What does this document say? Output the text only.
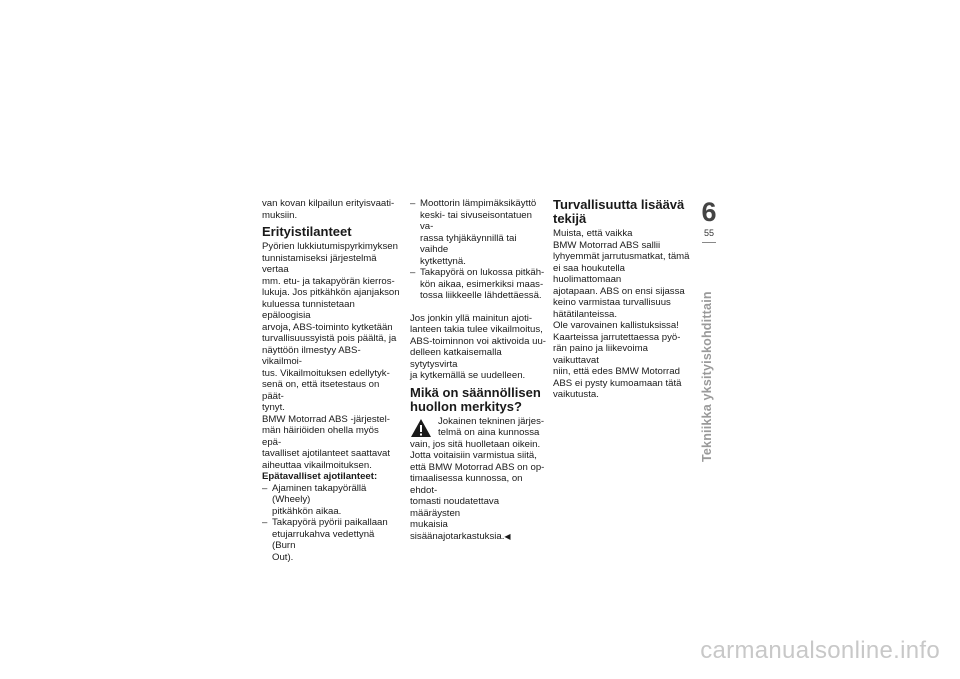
van kovan kilpailun erityisvaati-

muksiin.

Erityistilanteet

Pyörien lukkiutumispyrkimyksen

tunnistamiseksi järjestelmä vertaa

mm. etu- ja takapyörän kierros-

lukuja. Jos pitkähkön ajanjakson

kuluessa tunnistetaan epäloogisia

arvoja, ABS-toiminto kytketään

turvallisuussyistä pois päältä, ja

näyttöön ilmestyy ABS-vikailmoi-

tus. Vikailmoituksen edellytyk-

senä on, että itsetestaus on päät-

tynyt.

BMW Motorrad ABS -järjestel-

män häiriöiden ohella myös epä-

tavalliset ajotilanteet saattavat

aiheuttaa vikailmoituksen.

Epätavalliset ajotilanteet:

– Ajaminen takapyörällä (Wheely)

pitkähkön aikaa.

– Takapyörä pyörii paikallaan

etujarrukahva vedettynä (Burn

Out).

– Moottorin lämpimäksikäyttö

keski- tai sivuseisontatuen va-

rassa tyhjäkäynnillä tai vaihde

kytkettynä.

– Takapyörä on lukossa pitkäh-

kön aikaa, esimerkiksi maas-

tossa liikkeelle lähdettäessä.

Jos jonkin yllä mainitun ajoti-

lanteen takia tulee vikailmoitus,

ABS-toiminnon voi aktivoida uu-

delleen katkaisemalla sytytysvirta

ja kytkemällä se uudelleen.

Mikä on säännöllisen
huollon merkitys?

Jokainen tekninen järjes-

telmä on aina kunnossa

vain, jos sitä huolletaan oikein.

Jotta voitaisiin varmistua siitä,

että BMW Motorrad ABS on op-

timaalisessa kunnossa, on ehdot-

tomasti noudatettava määräysten

mukaisia sisäänajotarkastuksia.◀

Turvallisuutta lisäävä
tekijä

Muista, että vaikka

BMW Motorrad ABS sallii

lyhyemmät jarrutusmatkat, tämä

ei saa houkutella huolimattomaan

ajotapaan. ABS on ensi sijassa

keino varmistaa turvallisuus

hätätilanteissa.

Ole varovainen kallistuksissa!

Kaarteissa jarrutettaessa pyö-

rän paino ja liikevoima vaikuttavat

niin, että edes BMW Motorrad

ABS ei pysty kumoamaan tätä

vaikutusta.

6
55
Tekniikka yksityiskohdittain
carmanualsonline.info
